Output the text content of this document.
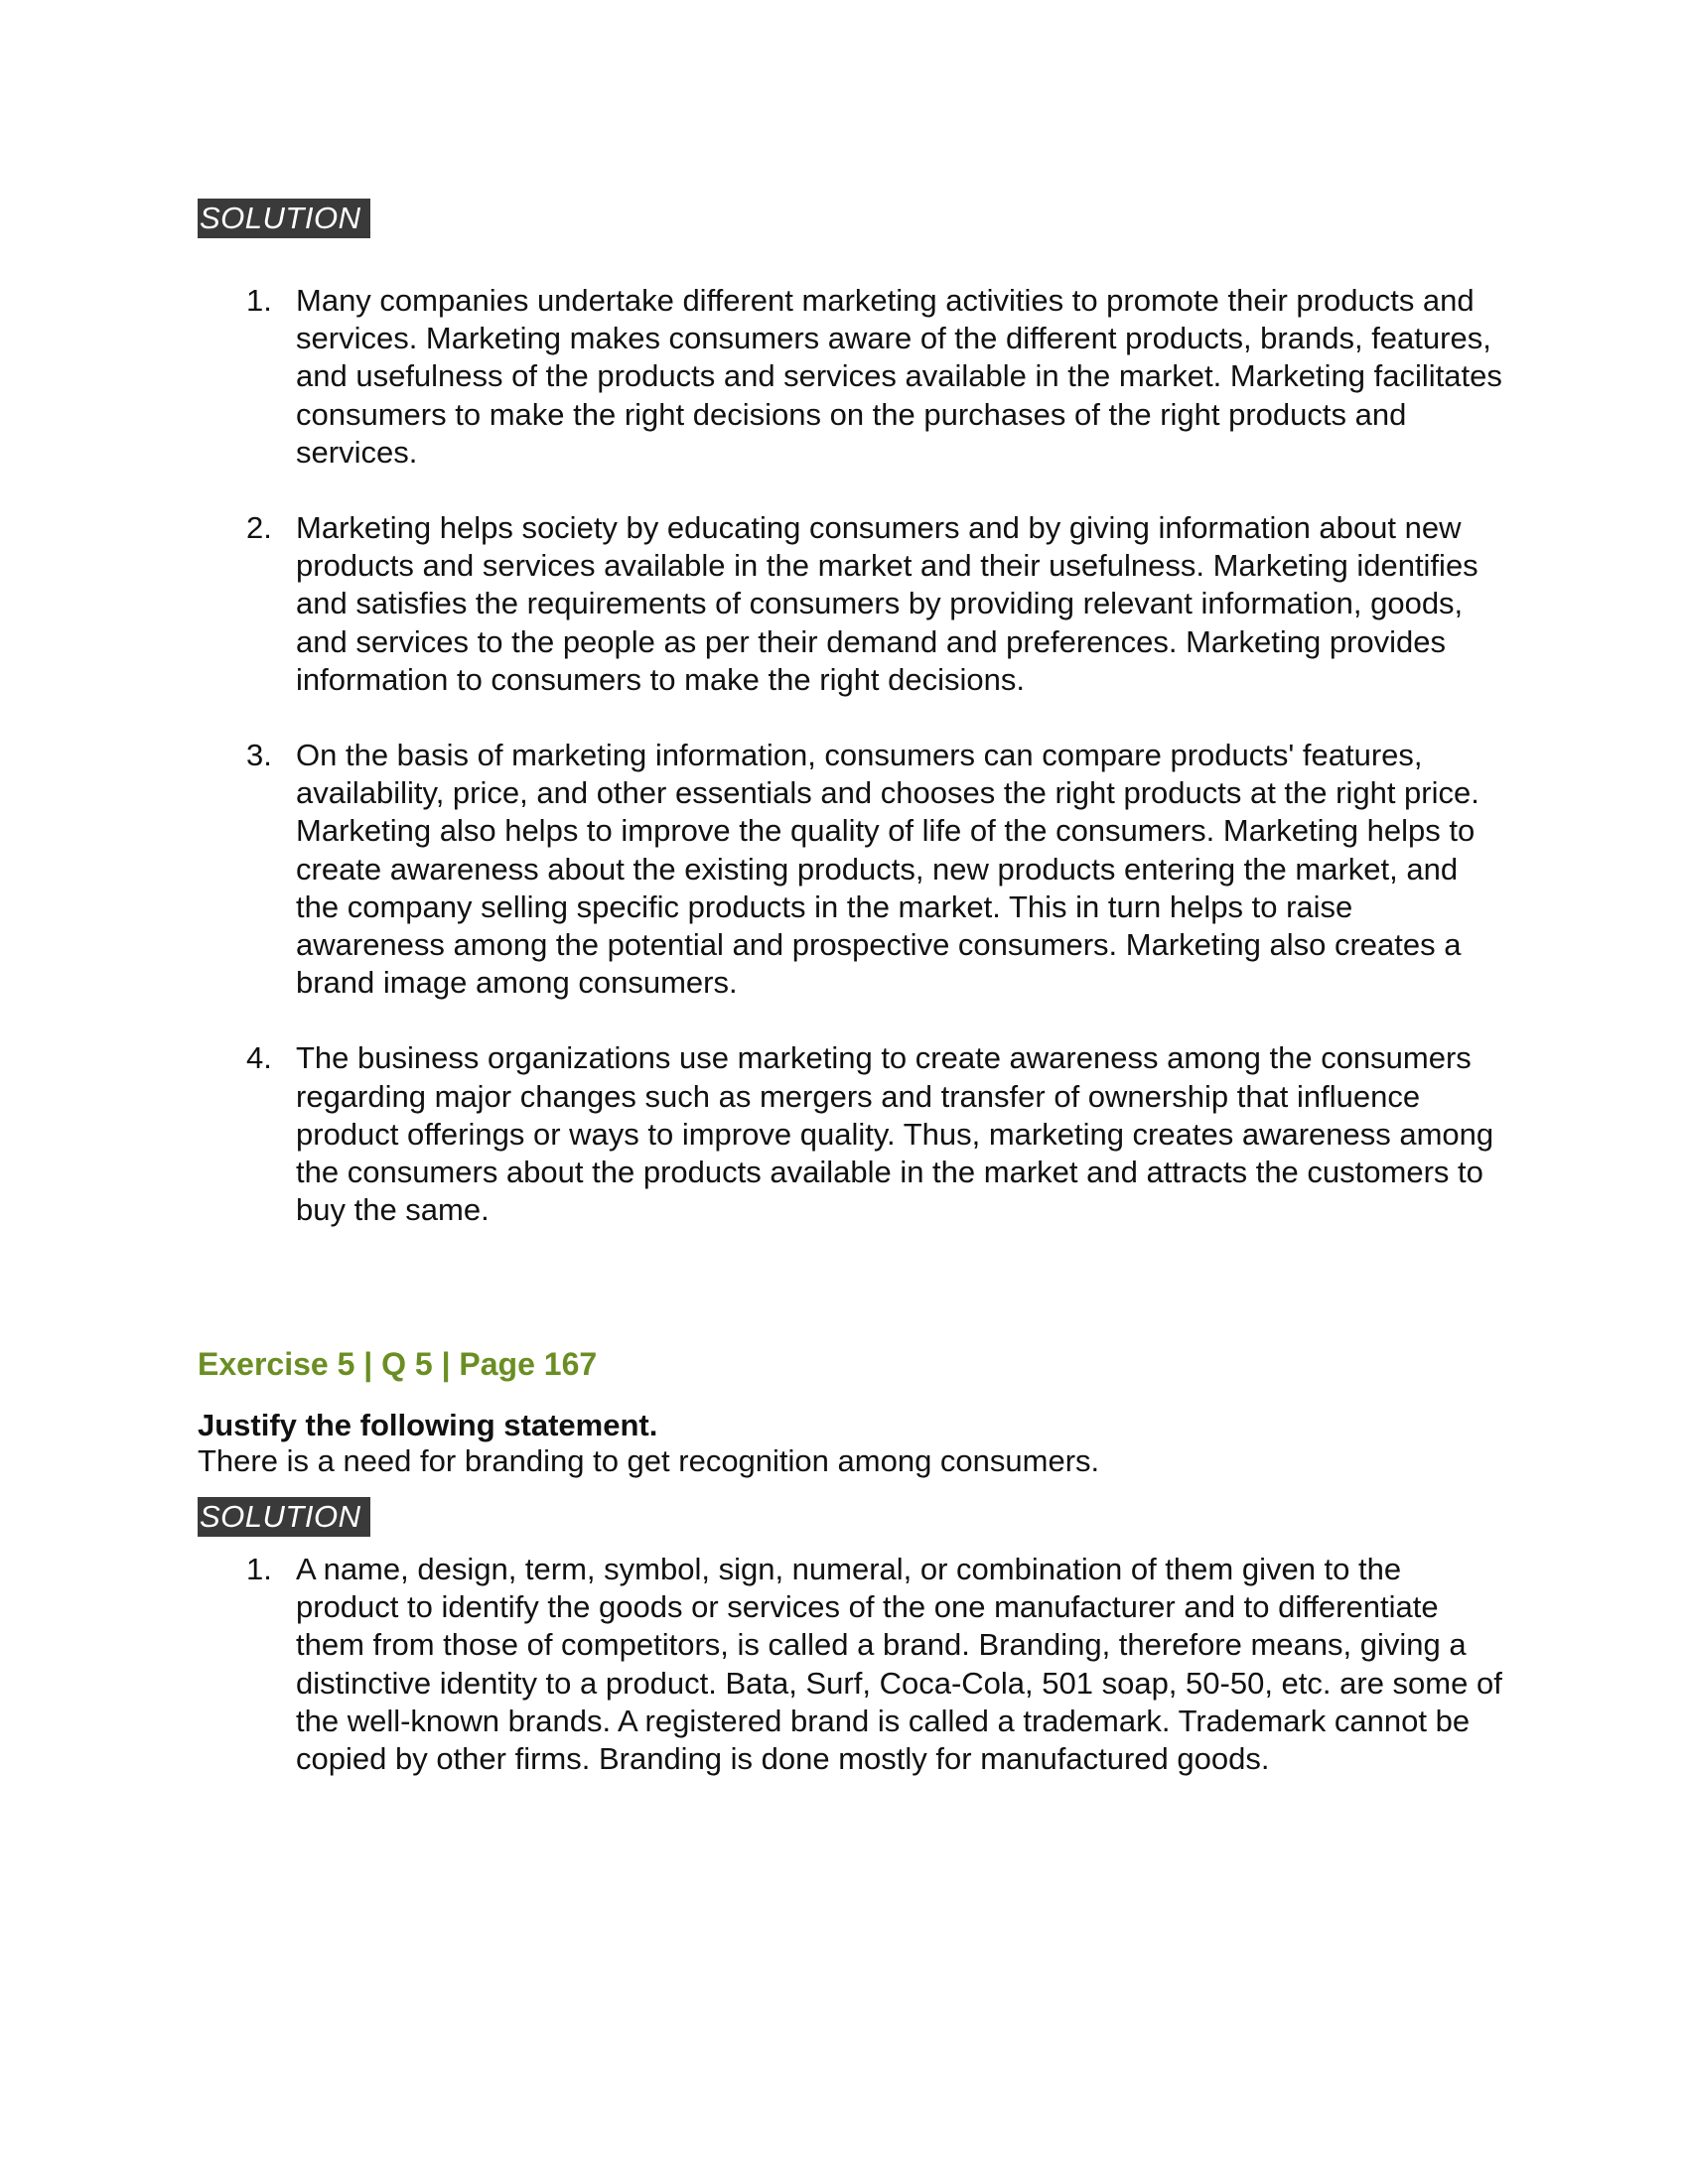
SOLUTION
1. Many companies undertake different marketing activities to promote their products and services. Marketing makes consumers aware of the different products, brands, features, and usefulness of the products and services available in the market. Marketing facilitates consumers to make the right decisions on the purchases of the right products and services.
2. Marketing helps society by educating consumers and by giving information about new products and services available in the market and their usefulness. Marketing identifies and satisfies the requirements of consumers by providing relevant information, goods, and services to the people as per their demand and preferences. Marketing provides information to consumers to make the right decisions.
3. On the basis of marketing information, consumers can compare products' features, availability, price, and other essentials and chooses the right products at the right price. Marketing also helps to improve the quality of life of the consumers. Marketing helps to create awareness about the existing products, new products entering the market, and the company selling specific products in the market. This in turn helps to raise awareness among the potential and prospective consumers. Marketing also creates a brand image among consumers.
4. The business organizations use marketing to create awareness among the consumers regarding major changes such as mergers and transfer of ownership that influence product offerings or ways to improve quality. Thus, marketing creates awareness among the consumers about the products available in the market and attracts the customers to buy the same.
Exercise 5 | Q 5 | Page 167
Justify the following statement.
There is a need for branding to get recognition among consumers.
SOLUTION
1. A name, design, term, symbol, sign, numeral, or combination of them given to the product to identify the goods or services of the one manufacturer and to differentiate them from those of competitors, is called a brand. Branding, therefore means, giving a distinctive identity to a product. Bata, Surf, Coca-Cola, 501 soap, 50-50, etc. are some of the well-known brands. A registered brand is called a trademark. Trademark cannot be copied by other firms. Branding is done mostly for manufactured goods.
